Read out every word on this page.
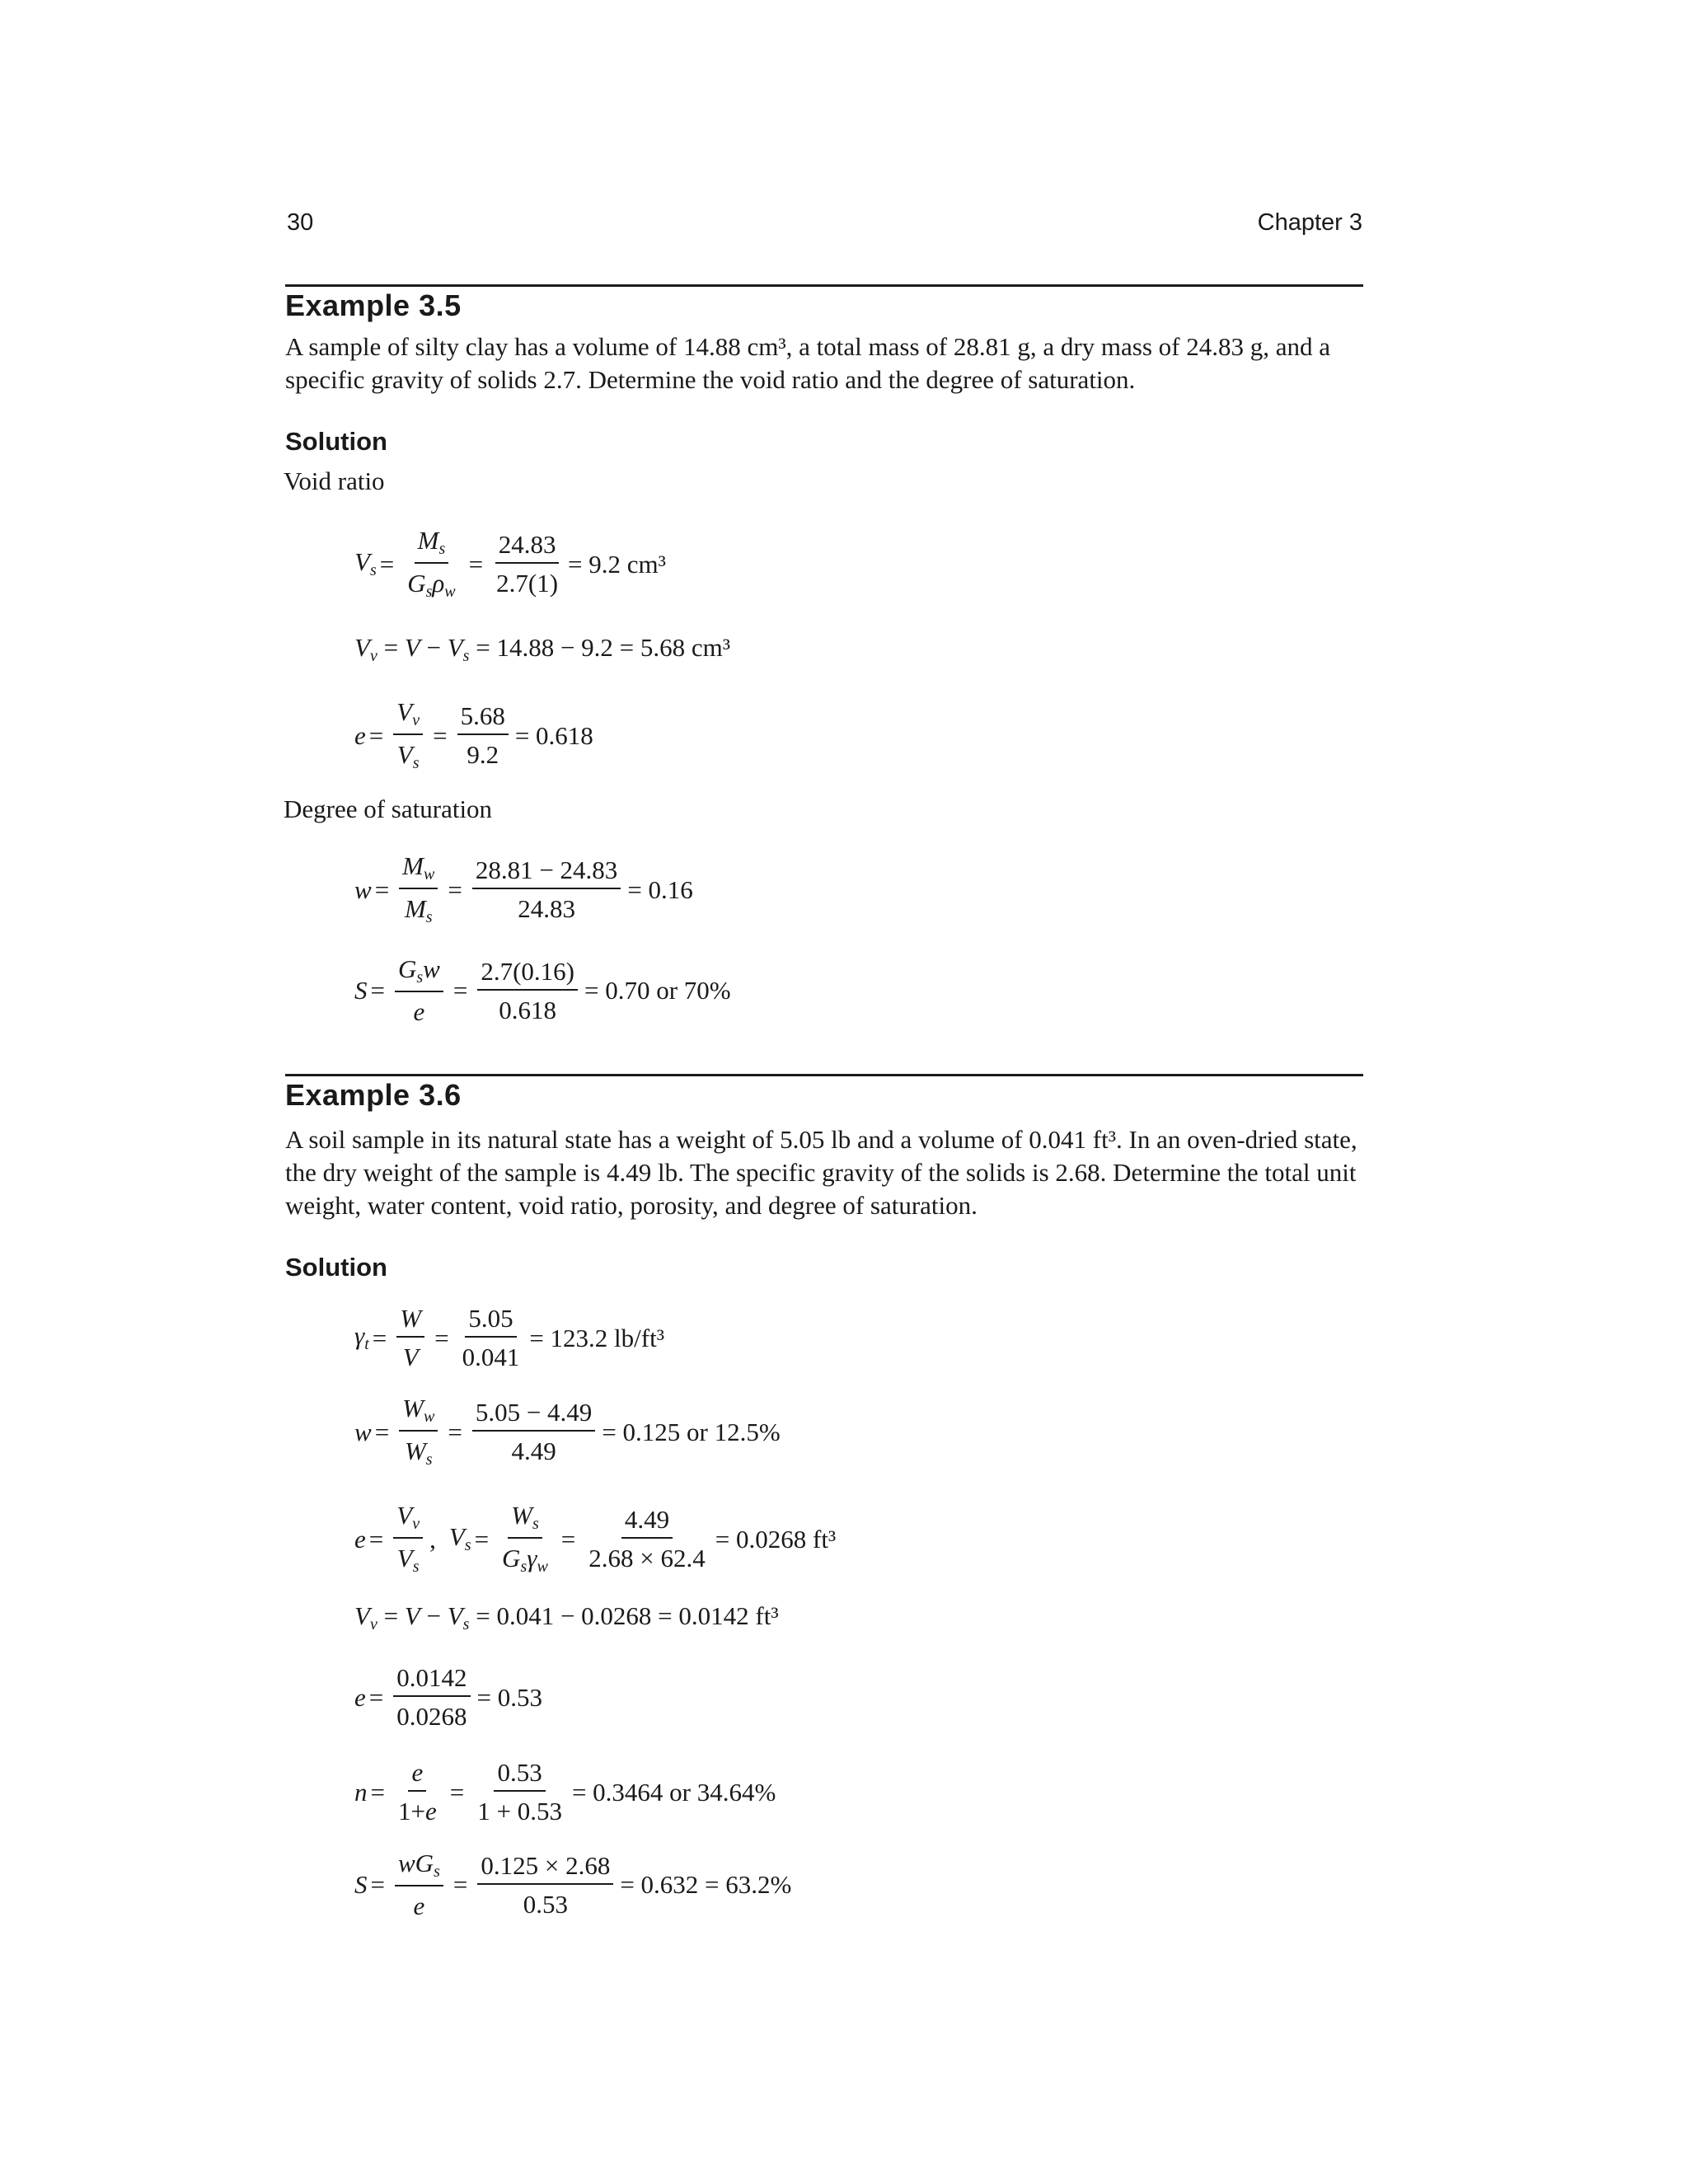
30	Chapter 3
Example 3.5
A sample of silty clay has a volume of 14.88 cm³, a total mass of 28.81 g, a dry mass of 24.83 g, and a specific gravity of solids 2.7. Determine the void ratio and the degree of saturation.
Solution
Void ratio
$V_s = \frac{M_s}{G_s\rho_w} = \frac{24.83}{2.7(1)} = 9.2$ cm³
$V_v = V - V_s = 14.88 - 9.2 = 5.68$ cm³
$e = \frac{V_v}{V_s} = \frac{5.68}{9.2} = 0.618$
Degree of saturation
$w = \frac{M_w}{M_s} = \frac{28.81 - 24.83}{24.83} = 0.16$
$S = \frac{G_sw}{e} = \frac{2.7(0.16)}{0.618} = 0.70$ or 70%
Example 3.6
A soil sample in its natural state has a weight of 5.05 lb and a volume of 0.041 ft³. In an oven-dried state, the dry weight of the sample is 4.49 lb. The specific gravity of the solids is 2.68. Determine the total unit weight, water content, void ratio, porosity, and degree of saturation.
Solution
$\gamma_t = \frac{W}{V} = \frac{5.05}{0.041} = 123.2$ lb/ft³
$w = \frac{W_w}{W_s} = \frac{5.05 - 4.49}{4.49} = 0.125$ or 12.5%
$e = \frac{V_v}{V_s}$ , $V_s = \frac{W_s}{G_s\gamma_w} = \frac{4.49}{2.68 \times 62.4} = 0.0268$ ft³
$V_v = V - V_s = 0.041 - 0.0268 = 0.0142$ ft³
$e = \frac{0.0142}{0.0268} = 0.53$
$n = \frac{e}{1+e} = \frac{0.53}{1 + 0.53} = 0.3464$ or 34.64%
$S = \frac{wG_s}{e} = \frac{0.125 \times 2.68}{0.53} = 0.632 = 63.2\%$
